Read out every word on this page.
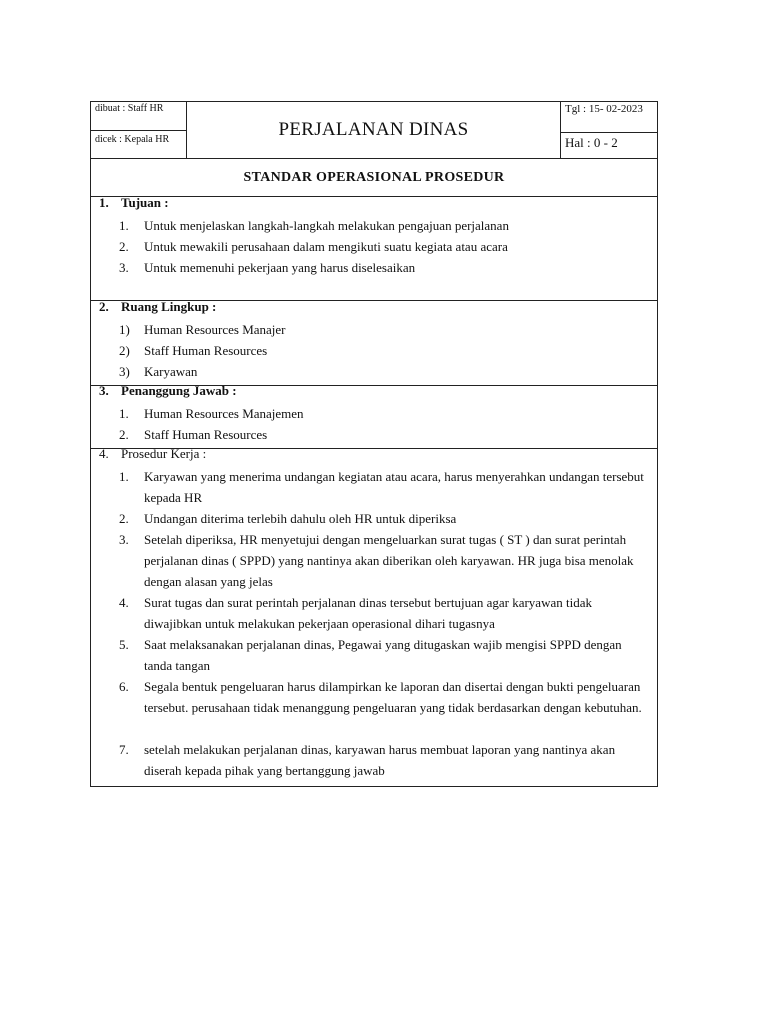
dibuat : Staff HR
dicek : Kepala HR	PERJALANAN DINAS
Tgl : 15- 02-2023
Hal : 0 - 2
STANDAR OPERASIONAL PROSEDUR
1. Tujuan :
1.	Untuk menjelaskan langkah-langkah melakukan pengajuan perjalanan
2.	Untuk mewakili perusahaan dalam mengikuti suatu kegiata atau acara
3.	Untuk memenuhi pekerjaan yang harus diselesaikan
2. Ruang Lingkup :
1)	Human Resources Manajer
2)	Staff Human Resources
3)	Karyawan
3. Penanggung Jawab :
1.	Human Resources Manajemen
2.	Staff Human Resources
4. Prosedur Kerja :
1.	Karyawan yang menerima undangan kegiatan atau acara, harus menyerahkan undangan tersebut kepada HR
2.	Undangan diterima terlebih dahulu oleh HR untuk diperiksa
3.	Setelah diperiksa, HR menyetujui dengan mengeluarkan surat tugas ( ST ) dan surat perintah perjalanan dinas ( SPPD) yang nantinya akan diberikan oleh karyawan. HR juga bisa menolak dengan alasan yang jelas
4.	Surat tugas dan surat perintah perjalanan dinas tersebut bertujuan agar karyawan tidak diwajibkan untuk melakukan pekerjaan operasional dihari tugasnya
5.	Saat melaksanakan perjalanan dinas, Pegawai yang ditugaskan wajib mengisi SPPD dengan tanda tangan
6.	Segala bentuk pengeluaran harus dilampirkan ke laporan dan disertai dengan bukti pengeluaran tersebut. perusahaan tidak menanggung pengeluaran yang tidak berdasarkan dengan kebutuhan.
7.	setelah melakukan perjalanan dinas, karyawan harus membuat laporan yang nantinya akan diserah kepada pihak yang bertanggung jawab
